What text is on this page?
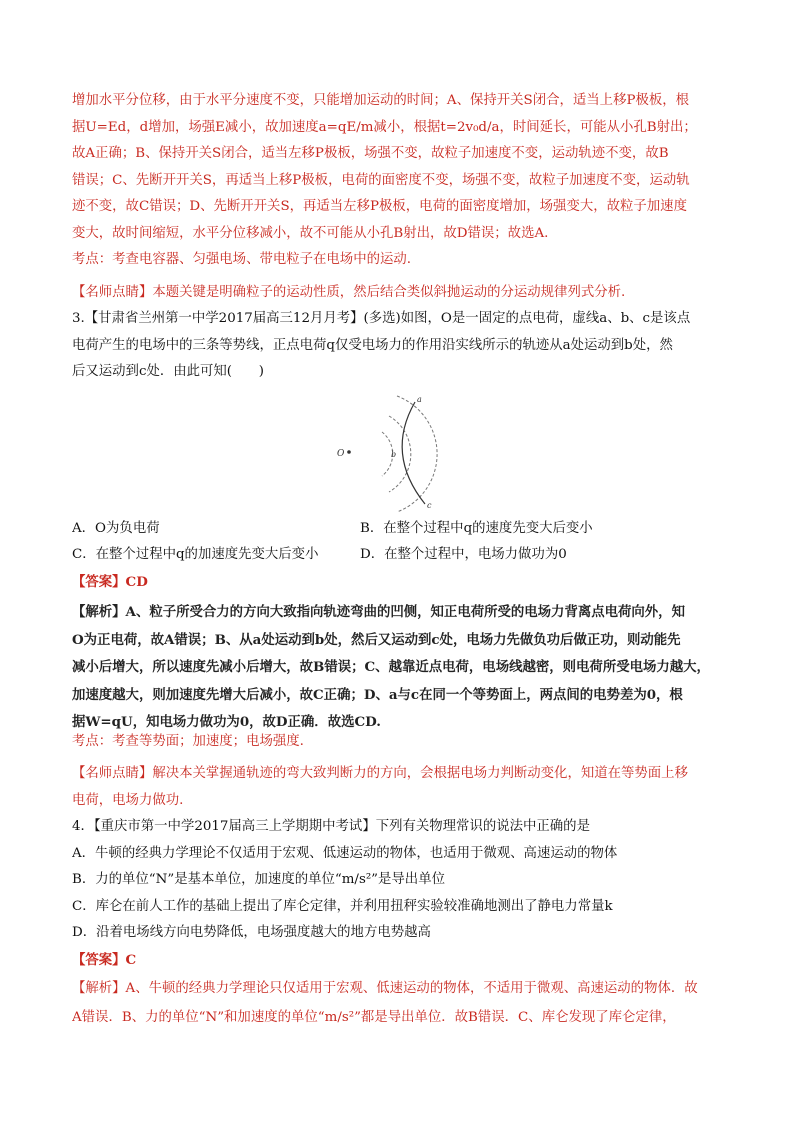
增加水平分位移，由于水平分速度不变，只能增加运动的时间；A、保持开关S闭合，适当上移P极板，根
据U=Ed，d增加，场强E减小，故加速度a=qE/m减小，根据t=2v₀d/a，时间延长，可能从小孔B射出；
故A正确；B、保持开关S闭合，适当左移P极板，场强不变，故粒子加速度不变，运动轨迹不变，故B
错误；C、先断开开关S，再适当上移P极板，电荷的面密度不变，场强不变，故粒子加速度不变，运动轨
迹不变，故C错误；D、先断开开关S，再适当左移P极板，电荷的面密度增加，场强变大，故粒子加速度
变大，故时间缩短，水平分位移减小，故不可能从小孔B射出，故D错误；故选A.
考点：考查电容器、匀强电场、带电粒子在电场中的运动.
【名师点睛】本题关键是明确粒子的运动性质，然后结合类似斜抛运动的分运动规律列式分析.
3.【甘肃省兰州第一中学2017届高三12月月考】(多选)如图，O是一固定的点电荷，虚线a、b、c是该点
电荷产生的电场中的三条等势线，正点电荷q仅受电场力的作用沿实线所示的轨迹从a处运动到b处，然
后又运动到c处．由此可知(　　)
O
a
b
c
A．O为负电荷	B．在整个过程中q的速度先变大后变小
C．在整个过程中q的加速度先变大后变小	D．在整个过程中，电场力做功为0
【答案】CD
【解析】A、粒子所受合力的方向大致指向轨迹弯曲的凹侧，知正电荷所受的电场力背离点电荷向外，知
O为正电荷，故A错误；B、从a处运动到b处，然后又运动到c处，电场力先做负功后做正功，则动能先
减小后增大，所以速度先减小后增大，故B错误；C、越靠近点电荷，电场线越密，则电荷所受电场力越大，
加速度越大，则加速度先增大后减小，故C正确；D、a与c在同一个等势面上，两点间的电势差为0，根
据W=qU，知电场力做功为0，故D正确．故选CD.
考点：考查等势面；加速度；电场强度.
【名师点睛】解决本关掌握通轨迹的弯大致判断力的方向，会根据电场力判断动变化，知道在等势面上移
电荷，电场力做功.
4．【重庆市第一中学2017届高三上学期期中考试】下列有关物理常识的说法中正确的是
A．牛顿的经典力学理论不仅适用于宏观、低速运动的物体，也适用于微观、高速运动的物体
B．力的单位“N”是基本单位，加速度的单位“m/s²”是导出单位
C．库仑在前人工作的基础上提出了库仑定律，并利用扭秤实验较准确地测出了静电力常量k
D．沿着电场线方向电势降低，电场强度越大的地方电势越高
【答案】C
【解析】A、牛顿的经典力学理论只仅适用于宏观、低速运动的物体，不适用于微观、高速运动的物体．故
A错误．B、力的单位“N”和加速度的单位“m/s²”都是导出单位．故B错误．C、库仑发现了库仑定律，
